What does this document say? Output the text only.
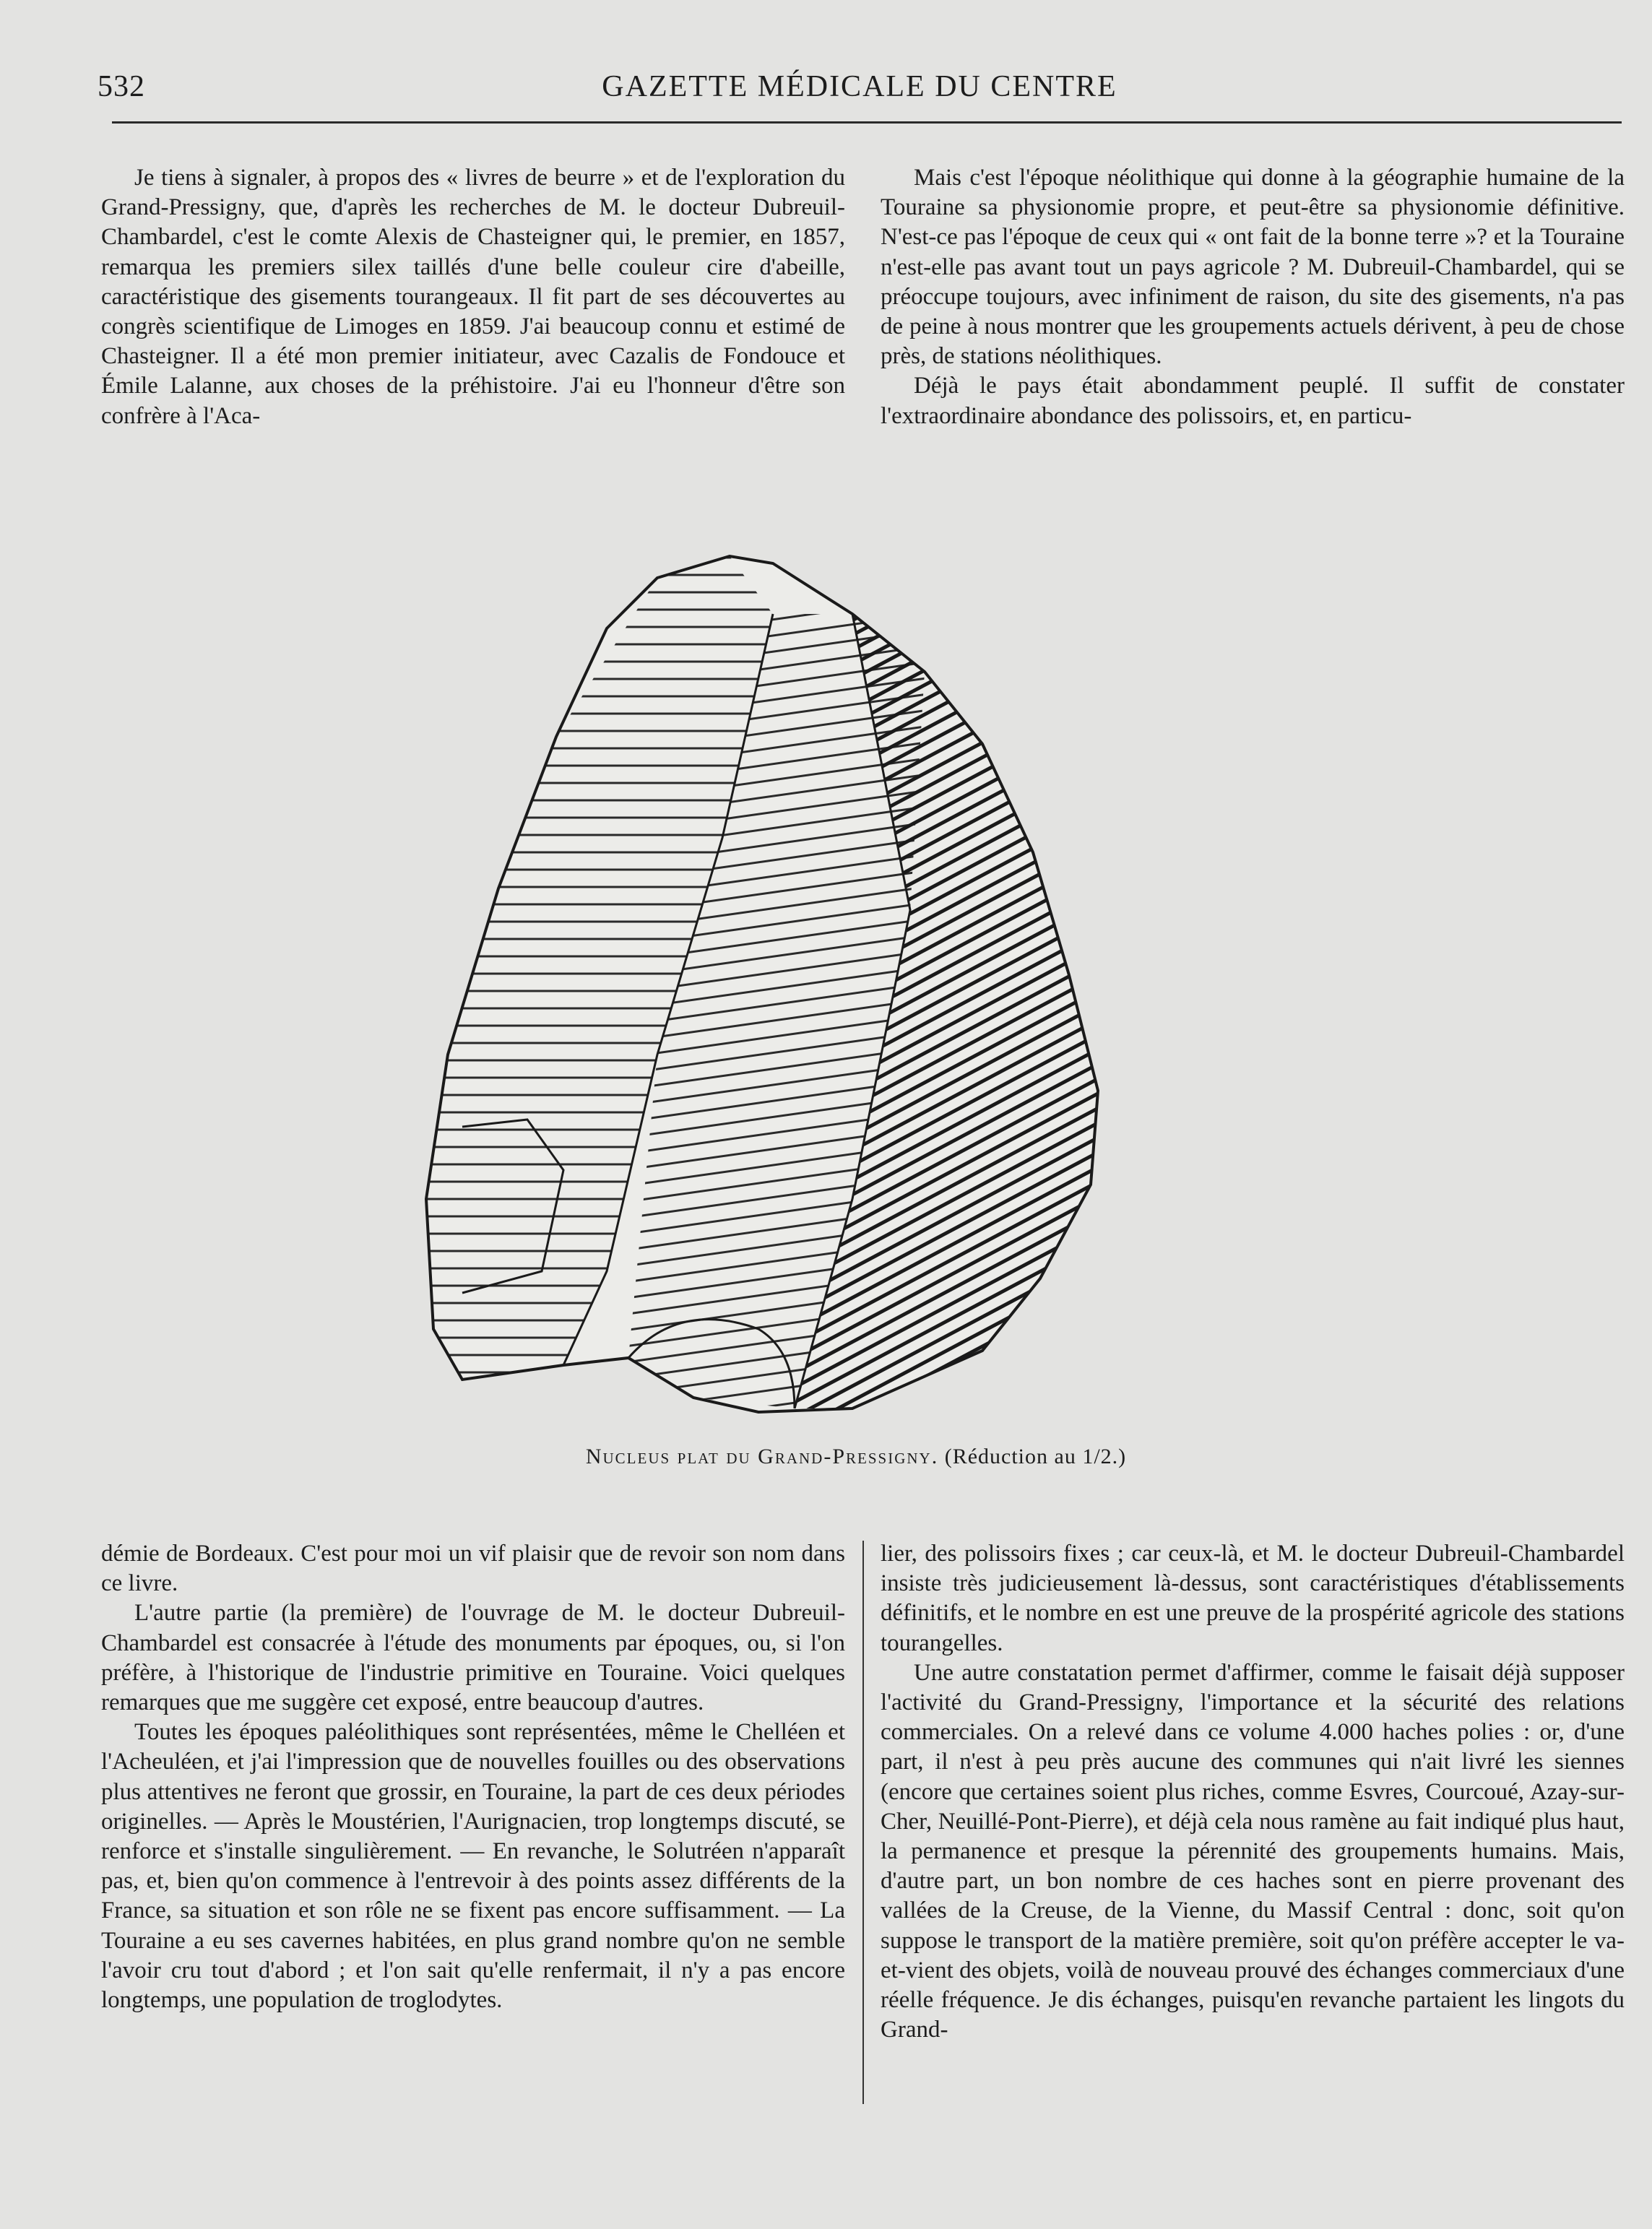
532	GAZETTE MÉDICALE DU CENTRE

Je tiens à signaler, à propos des « livres de beurre » et de l'exploration du Grand-Pressigny, que, d'après les recherches de M. le docteur Dubreuil-Chambardel, c'est le comte Alexis de Chasteigner qui, le premier, en 1857, remarqua les premiers silex taillés d'une belle couleur cire d'abeille, caractéristique des gisements tourangeaux. Il fit part de ses découvertes au congrès scientifique de Limoges en 1859. J'ai beaucoup connu et estimé de Chasteigner. Il a été mon premier initiateur, avec Cazalis de Fondouce et Émile Lalanne, aux choses de la préhistoire. J'ai eu l'honneur d'être son confrère à l'Aca-

Mais c'est l'époque néolithique qui donne à la géographie humaine de la Touraine sa physionomie propre, et peut-être sa physionomie définitive. N'est-ce pas l'époque de ceux qui « ont fait de la bonne terre »? et la Touraine n'est-elle pas avant tout un pays agricole ? M. Dubreuil-Chambardel, qui se préoccupe toujours, avec infiniment de raison, du site des gisements, n'a pas de peine à nous montrer que les groupements actuels dérivent, à peu de chose près, de stations néolithiques.

Déjà le pays était abondamment peuplé. Il suffit de constater l'extraordinaire abondance des polissoirs, et, en particu-

Nucleus plat du Grand-Pressigny. (Réduction au 1/2.)

démie de Bordeaux. C'est pour moi un vif plaisir que de revoir son nom dans ce livre.

L'autre partie (la première) de l'ouvrage de M. le docteur Dubreuil-Chambardel est consacrée à l'étude des monuments par époques, ou, si l'on préfère, à l'historique de l'industrie primitive en Touraine. Voici quelques remarques que me suggère cet exposé, entre beaucoup d'autres.

Toutes les époques paléolithiques sont représentées, même le Chelléen et l'Acheuléen, et j'ai l'impression que de nouvelles fouilles ou des observations plus attentives ne feront que grossir, en Touraine, la part de ces deux périodes originelles. — Après le Moustérien, l'Aurignacien, trop longtemps discuté, se renforce et s'installe singulièrement. — En revanche, le Solutréen n'apparaît pas, et, bien qu'on commence à l'entrevoir à des points assez différents de la France, sa situation et son rôle ne se fixent pas encore suffisamment. — La Touraine a eu ses cavernes habitées, en plus grand nombre qu'on ne semble l'avoir cru tout d'abord ; et l'on sait qu'elle renfermait, il n'y a pas encore longtemps, une population de troglodytes.

lier, des polissoirs fixes ; car ceux-là, et M. le docteur Dubreuil-Chambardel insiste très judicieusement là-dessus, sont caractéristiques d'établissements définitifs, et le nombre en est une preuve de la prospérité agricole des stations tourangelles.

Une autre constatation permet d'affirmer, comme le faisait déjà supposer l'activité du Grand-Pressigny, l'importance et la sécurité des relations commerciales. On a relevé dans ce volume 4.000 haches polies : or, d'une part, il n'est à peu près aucune des communes qui n'ait livré les siennes (encore que certaines soient plus riches, comme Esvres, Courcoué, Azay-sur-Cher, Neuillé-Pont-Pierre), et déjà cela nous ramène au fait indiqué plus haut, la permanence et presque la pérennité des groupements humains. Mais, d'autre part, un bon nombre de ces haches sont en pierre provenant des vallées de la Creuse, de la Vienne, du Massif Central : donc, soit qu'on suppose le transport de la matière première, soit qu'on préfère accepter le va-et-vient des objets, voilà de nouveau prouvé des échanges commerciaux d'une réelle fréquence. Je dis échanges, puisqu'en revanche partaient les lingots du Grand-
